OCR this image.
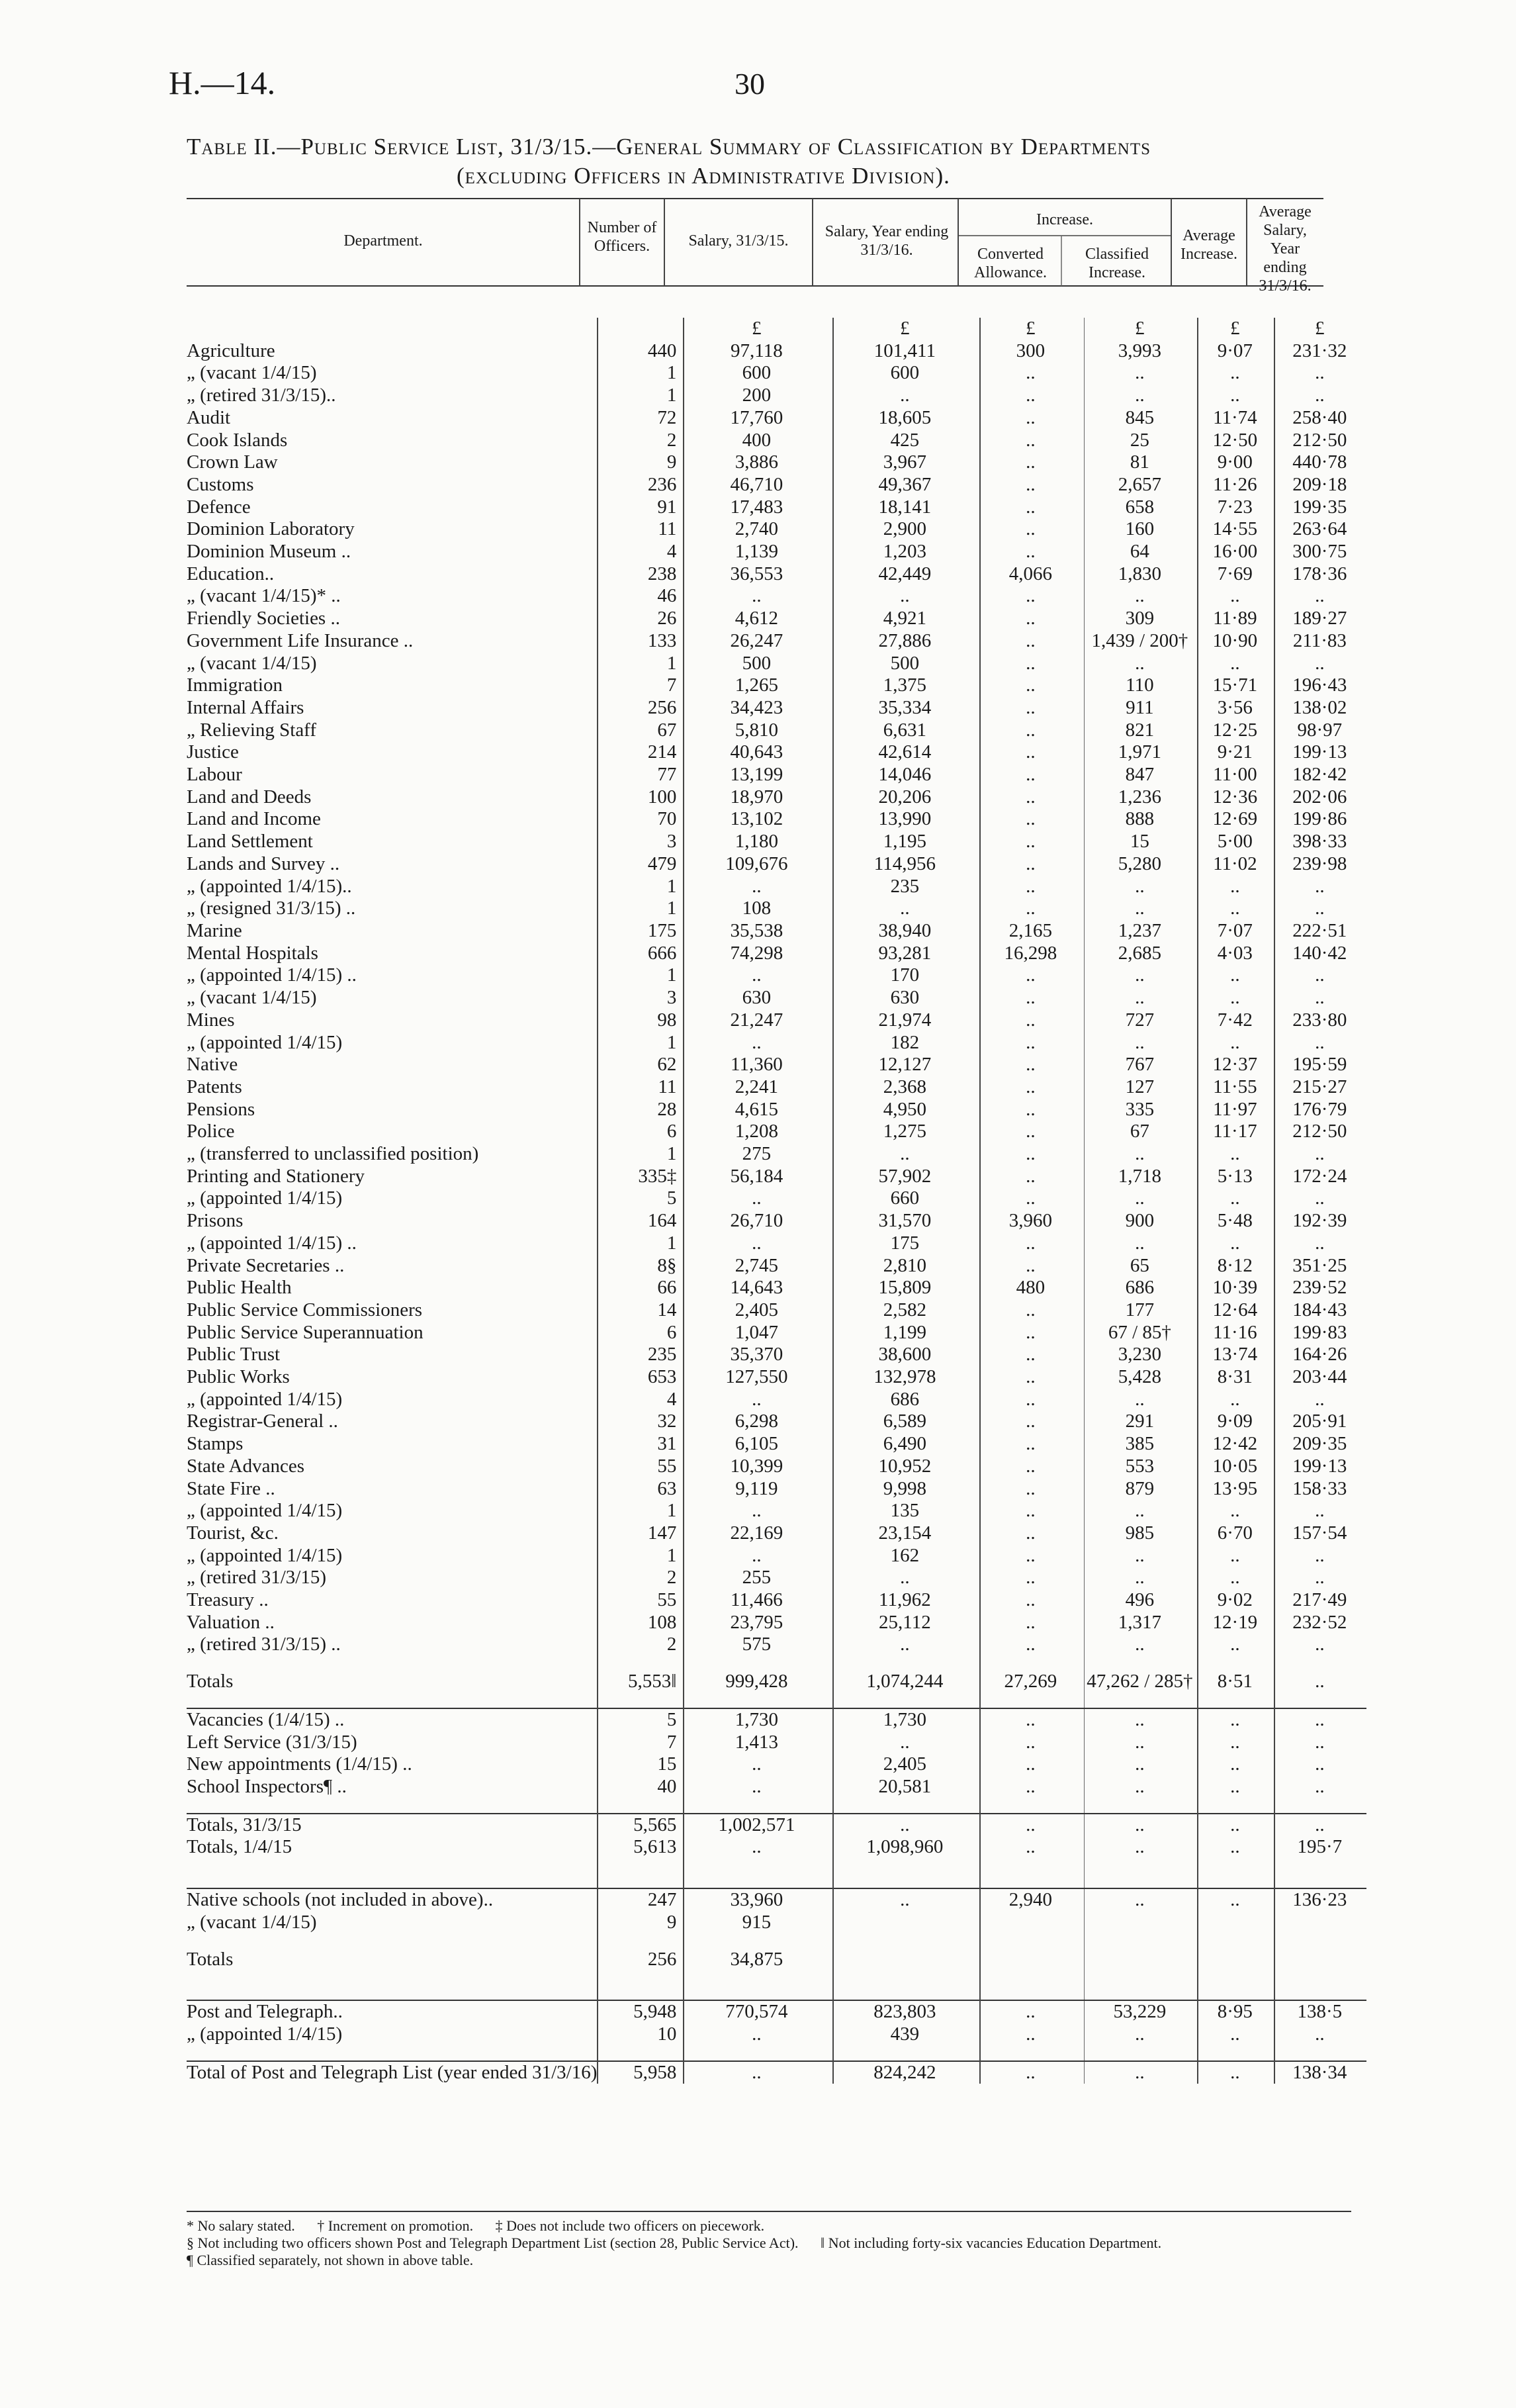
H.—14.	30
Table II.—Public Service List, 31/3/15.—General Summary of Classification by Departments
(excluding Officers in Administrative Division).
Department.
Number of Officers.	Salary, 31/3/15.
Salary, Year ending 31/3/16.
Increase.
Converted Allowance.
Classified Increase.
Average Increase.
Average Salary, Year ending 31/3/16.
		£	£	£	£	£	£
Agriculture	440	97,118	101,411	300	3,993	9·07	231·32
„ (vacant 1/4/15)	1	600	600	..	..	..	..
„ (retired 31/3/15)..	1	200	..	..	..	..	..
Audit	72	17,760	18,605	..	845	11·74	258·40
Cook Islands	2	400	425	..	25	12·50	212·50
Crown Law	9	3,886	3,967	..	81	9·00	440·78
Customs	236	46,710	49,367	..	2,657	11·26	209·18
Defence	91	17,483	18,141	..	658	7·23	199·35
Dominion Laboratory	11	2,740	2,900	..	160	14·55	263·64
Dominion Museum ..	4	1,139	1,203	..	64	16·00	300·75
Education..	238	36,553	42,449	4,066	1,830	7·69	178·36
„ (vacant 1/4/15)* ..	46	..	..	..	..	..	..
Friendly Societies ..	26	4,612	4,921	..	309	11·89	189·27
Government Life Insurance ..	133	26,247	27,886	..	1,439 / 200†	10·90	211·83
„ (vacant 1/4/15)	1	500	500	..	..	..	..
Immigration	7	1,265	1,375	..	110	15·71	196·43
Internal Affairs	256	34,423	35,334	..	911	3·56	138·02
„ Relieving Staff	67	5,810	6,631	..	821	12·25	98·97
Justice	214	40,643	42,614	..	1,971	9·21	199·13
Labour	77	13,199	14,046	..	847	11·00	182·42
Land and Deeds	100	18,970	20,206	..	1,236	12·36	202·06
Land and Income	70	13,102	13,990	..	888	12·69	199·86
Land Settlement	3	1,180	1,195	..	15	5·00	398·33
Lands and Survey ..	479	109,676	114,956	..	5,280	11·02	239·98
„ (appointed 1/4/15)..	1	..	235	..	..	..	..
„ (resigned 31/3/15) ..	1	108	..	..	..	..	..
Marine	175	35,538	38,940	2,165	1,237	7·07	222·51
Mental Hospitals	666	74,298	93,281	16,298	2,685	4·03	140·42
„ (appointed 1/4/15) ..	1	..	170	..	..	..	..
„ (vacant 1/4/15)	3	630	630	..	..	..	..
Mines	98	21,247	21,974	..	727	7·42	233·80
„ (appointed 1/4/15)	1	..	182	..	..	..	..
Native	62	11,360	12,127	..	767	12·37	195·59
Patents	11	2,241	2,368	..	127	11·55	215·27
Pensions	28	4,615	4,950	..	335	11·97	176·79
Police	6	1,208	1,275	..	67	11·17	212·50
„ (transferred to unclassified position)	1	275	..	..	..	..	..
Printing and Stationery	335‡	56,184	57,902	..	1,718	5·13	172·24
„ (appointed 1/4/15)	5	..	660	..	..	..	..
Prisons	164	26,710	31,570	3,960	900	5·48	192·39
„ (appointed 1/4/15) ..	1	..	175	..	..	..	..
Private Secretaries ..	8§	2,745	2,810	..	65	8·12	351·25
Public Health	66	14,643	15,809	480	686	10·39	239·52
Public Service Commissioners	14	2,405	2,582	..	177	12·64	184·43
Public Service Superannuation	6	1,047	1,199	..	67 / 85†	11·16	199·83
Public Trust	235	35,370	38,600	..	3,230	13·74	164·26
Public Works	653	127,550	132,978	..	5,428	8·31	203·44
„ (appointed 1/4/15)	4	..	686	..	..	..	..
Registrar-General ..	32	6,298	6,589	..	291	9·09	205·91
Stamps	31	6,105	6,490	..	385	12·42	209·35
State Advances	55	10,399	10,952	..	553	10·05	199·13
State Fire ..	63	9,119	9,998	..	879	13·95	158·33
„ (appointed 1/4/15)	1	..	135	..	..	..	..
Tourist, &c.	147	22,169	23,154	..	985	6·70	157·54
„ (appointed 1/4/15)	1	..	162	..	..	..	..
„ (retired 31/3/15)	2	255	..	..	..	..	..
Treasury ..	55	11,466	11,962	..	496	9·02	217·49
Valuation ..	108	23,795	25,112	..	1,317	12·19	232·52
„ (retired 31/3/15) ..	2	575	..	..	..	..	..

Totals	5,553‖	999,428	1,074,244	27,269	47,262 / 285†	8·51	..

Vacancies (1/4/15) ..	5	1,730	1,730	..	..	..	..
Left Service (31/3/15)	7	1,413	..	..	..	..	..
New appointments (1/4/15) ..	15	..	2,405	..	..	..	..
School Inspectors¶ ..	40	..	20,581	..	..	..	..

Totals, 31/3/15	5,565	1,002,571	..	..	..	..	..
Totals, 1/4/15	5,613	..	1,098,960	..	..	..	195·7

Native schools (not included in above)..	247	33,960	..	2,940	..	..	136·23
„ (vacant 1/4/15)	9	915					

Totals	256	34,875					

Post and Telegraph..	5,948	770,574	823,803	..	53,229	8·95	138·5
„ (appointed 1/4/15)	10	..	439	..	..	..	..

Total of Post and Telegraph List (year ended 31/3/16)	5,958	..	824,242	..	..	..	138·34
* No salary stated. † Increment on promotion. ‡ Does not include two officers on piecework. § Not including two officers shown Post and Telegraph Department List (section 28, Public Service Act). ‖ Not including forty-six vacancies Education Department. ¶ Classified separately, not shown in above table.
